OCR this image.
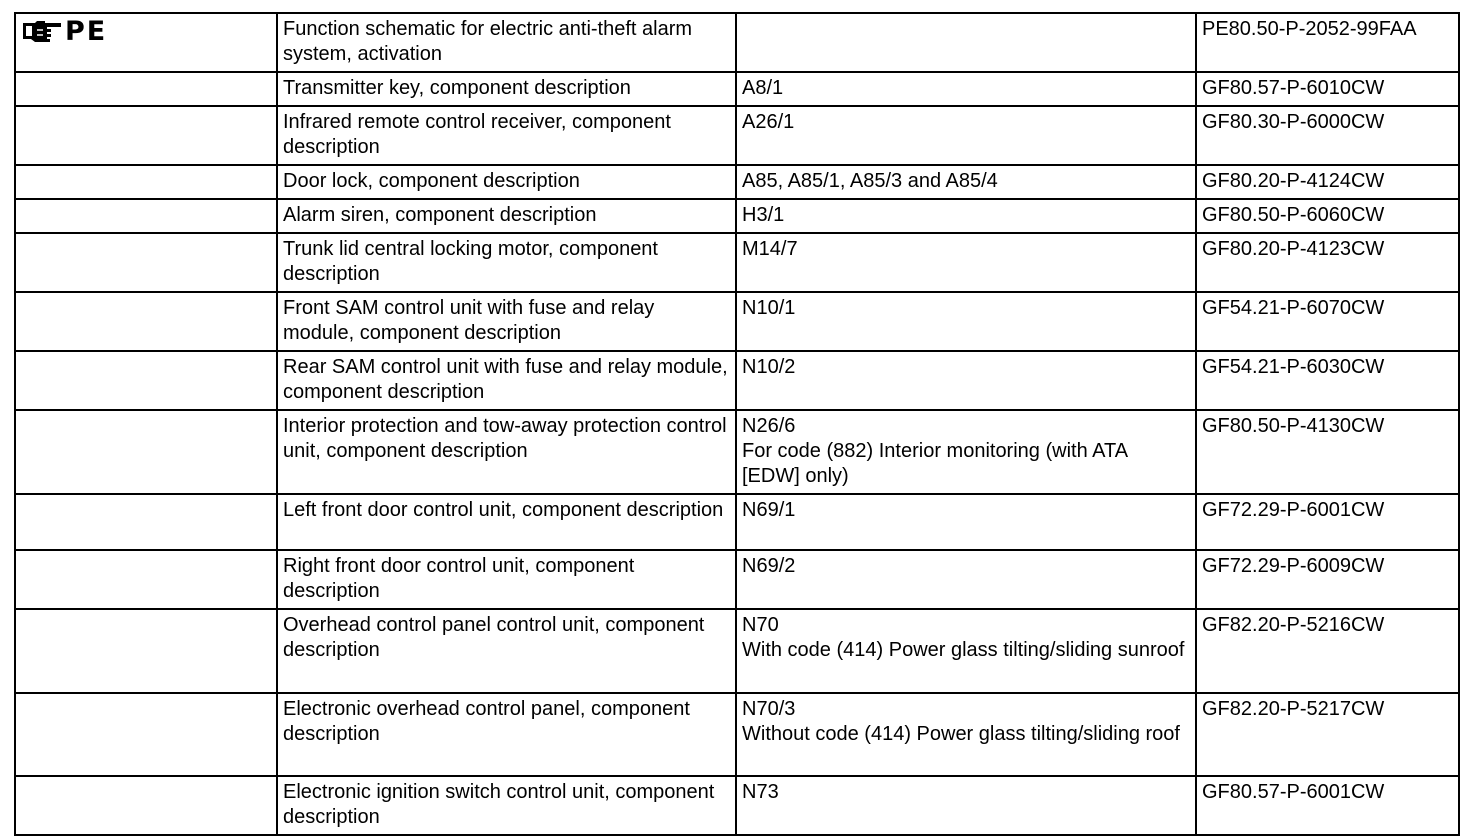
PE	Function schematic for electric anti-theft alarm system, activation		PE80.50-P-2052-99FAA
	Transmitter key, component description	A8/1	GF80.57-P-6010CW
	Infrared remote control receiver, component description	A26/1	GF80.30-P-6000CW
	Door lock, component description	A85, A85/1, A85/3 and A85/4	GF80.20-P-4124CW
	Alarm siren, component description	H3/1	GF80.50-P-6060CW
	Trunk lid central locking motor, component description	M14/7	GF80.20-P-4123CW
	Front SAM control unit with fuse and relay module, component description	N10/1	GF54.21-P-6070CW
	Rear SAM control unit with fuse and relay module, component description	N10/2	GF54.21-P-6030CW
	Interior protection and tow-away protection control unit, component description	N26/6
For code (882) Interior monitoring (with ATA [EDW] only)	GF80.50-P-4130CW
	Left front door control unit, component description	N69/1	GF72.29-P-6001CW
	Right front door control unit, component description	N69/2	GF72.29-P-6009CW
	Overhead control panel control unit, component description	N70
With code (414) Power glass tilting/sliding sunroof	GF82.20-P-5216CW
	Electronic overhead control panel, component description	N70/3
Without code (414) Power glass tilting/sliding roof	GF82.20-P-5217CW
	Electronic ignition switch control unit, component description	N73	GF80.57-P-6001CW
